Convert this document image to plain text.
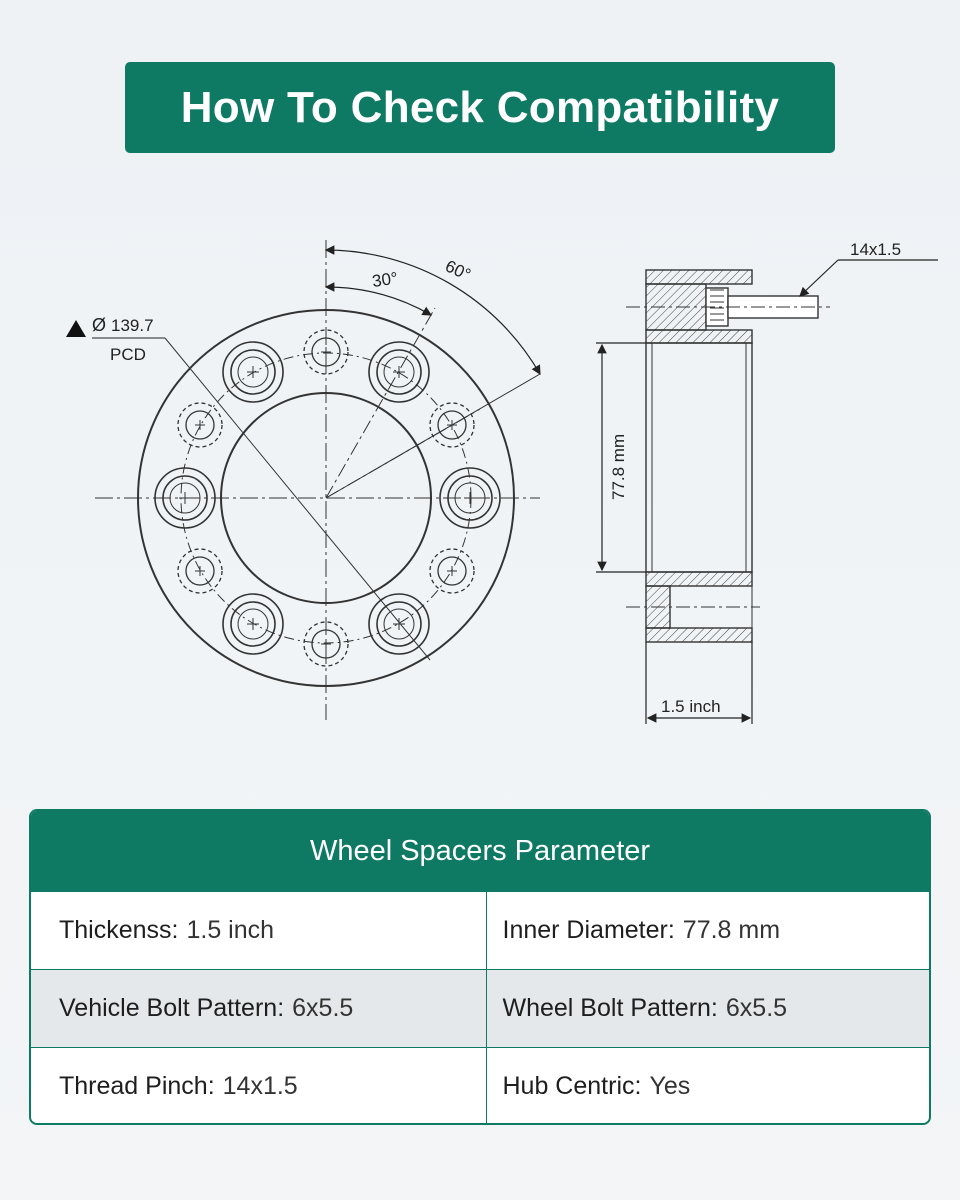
How To Check Compatibility
30°	60°
Ø 139.7
PCD
14x1.5
77.8 mm
1.5 inch
Wheel Spacers Parameter
Thickenss: 1.5 inch	Inner Diameter: 77.8 mm
Vehicle Bolt Pattern: 6x5.5	Wheel Bolt Pattern: 6x5.5
Thread Pinch: 14x1.5	Hub Centric: Yes
